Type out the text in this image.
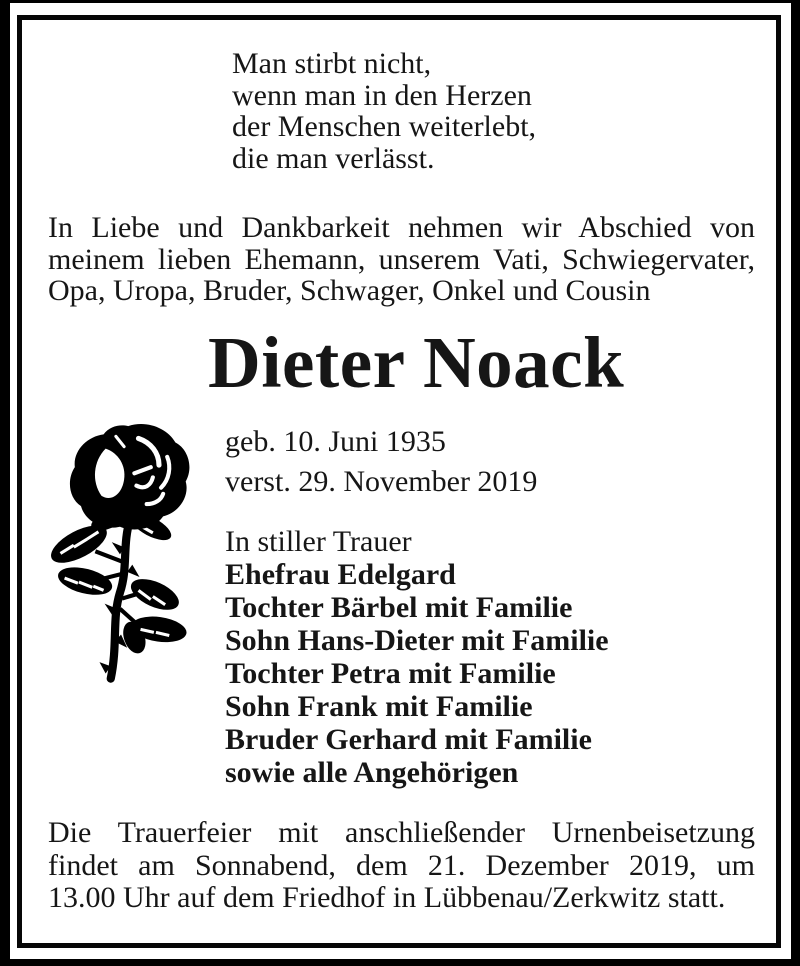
Man stirbt nicht,
wenn man in den Herzen
der Menschen weiterlebt,
die man verlässt.
In Liebe und Dankbarkeit nehmen wir Abschied von
meinem lieben Ehemann, unserem Vati, Schwiegervater,
Opa, Uropa, Bruder, Schwager, Onkel und Cousin
Dieter Noack
geb. 10. Juni 1935
verst. 29. November 2019
In stiller Trauer
Ehefrau Edelgard
Tochter Bärbel mit Familie
Sohn Hans-Dieter mit Familie
Tochter Petra mit Familie
Sohn Frank mit Familie
Bruder Gerhard mit Familie
sowie alle Angehörigen
Die Trauerfeier mit anschließender Urnenbeisetzung
findet am Sonnabend, dem 21. Dezember 2019, um
13.00 Uhr auf dem Friedhof in Lübbenau/Zerkwitz statt.
